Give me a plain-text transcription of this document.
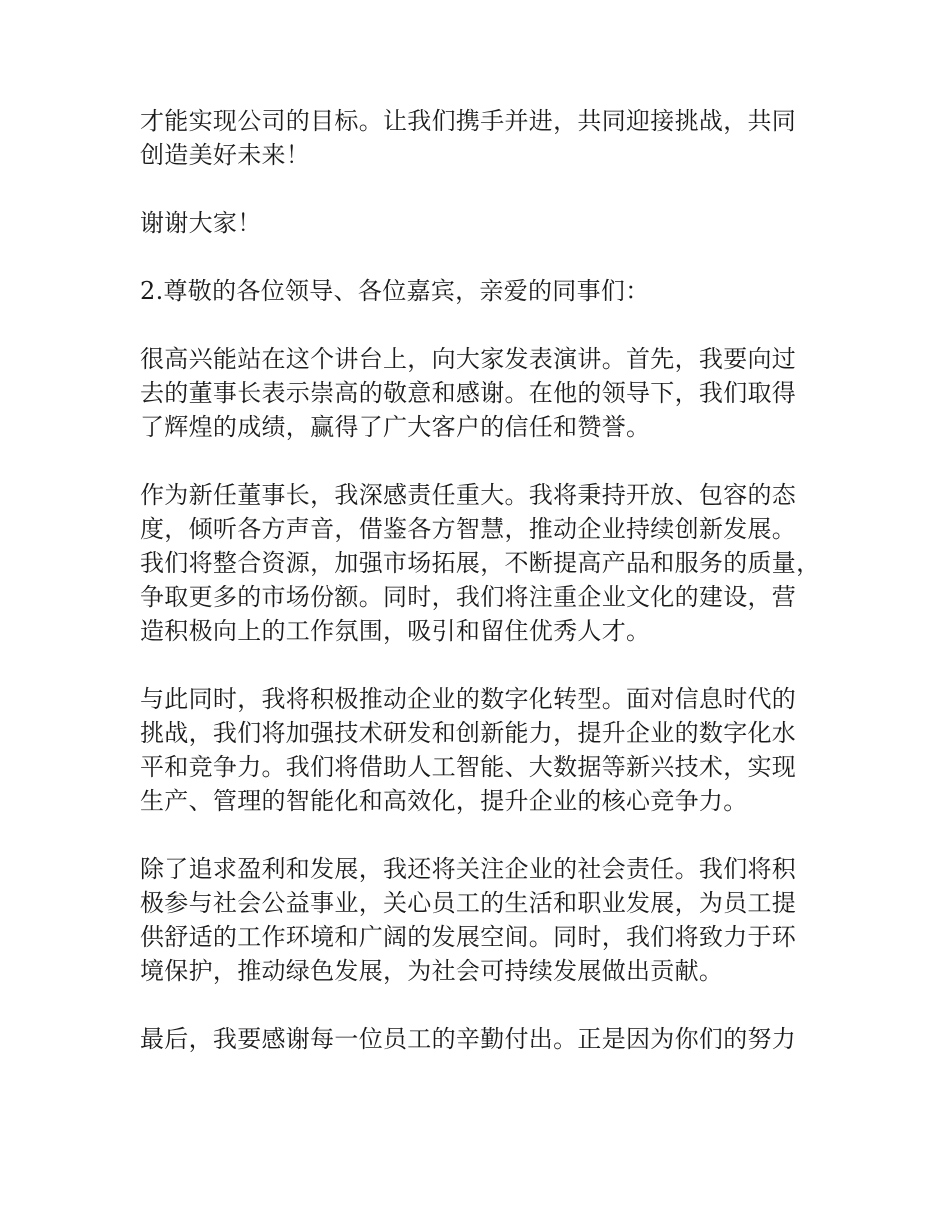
才能实现公司的目标。让我们携手并进，共同迎接挑战，共同
创造美好未来！

谢谢大家！

2.尊敬的各位领导、各位嘉宾，亲爱的同事们：

很高兴能站在这个讲台上，向大家发表演讲。首先，我要向过
去的董事长表示崇高的敬意和感谢。在他的领导下，我们取得
了辉煌的成绩，赢得了广大客户的信任和赞誉。

作为新任董事长，我深感责任重大。我将秉持开放、包容的态
度，倾听各方声音，借鉴各方智慧，推动企业持续创新发展。
我们将整合资源，加强市场拓展，不断提高产品和服务的质量，
争取更多的市场份额。同时，我们将注重企业文化的建设，营
造积极向上的工作氛围，吸引和留住优秀人才。

与此同时，我将积极推动企业的数字化转型。面对信息时代的
挑战，我们将加强技术研发和创新能力，提升企业的数字化水
平和竞争力。我们将借助人工智能、大数据等新兴技术，实现
生产、管理的智能化和高效化，提升企业的核心竞争力。

除了追求盈利和发展，我还将关注企业的社会责任。我们将积
极参与社会公益事业，关心员工的生活和职业发展，为员工提
供舒适的工作环境和广阔的发展空间。同时，我们将致力于环
境保护，推动绿色发展，为社会可持续发展做出贡献。

最后，我要感谢每一位员工的辛勤付出。正是因为你们的努力
